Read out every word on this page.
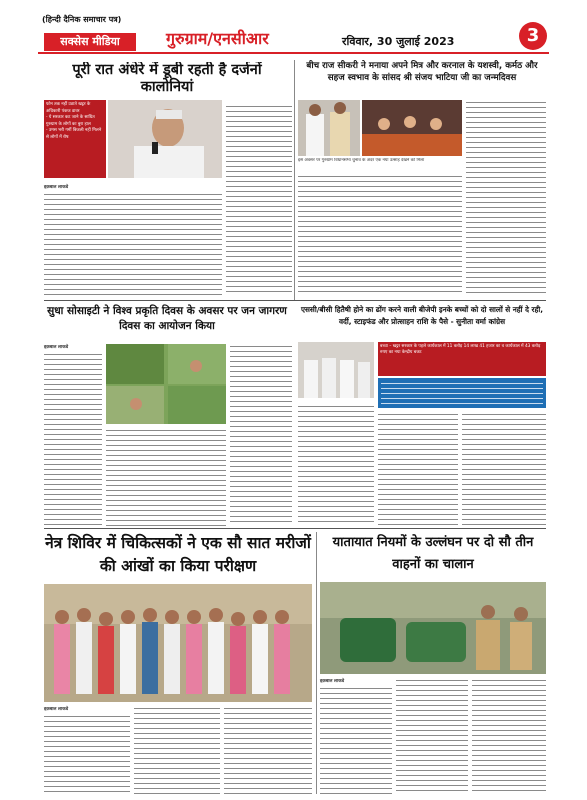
(हिन्दी दैनिक समाचार पत्र)
सक्सेस मीडिया	गुरुग्राम/एनसीआर	रविवार, 30 जुलाई 2023	3
पूरी रात अंधेरे में डूबी रहती है दर्जनों कालोनियां
फोन तक नहीं उठाते खट्टर के अधिकारी पंकज डावर
- ये सरकार कट जाने के साधित गुरुग्राम के लोगों का बुरा हाल
- उमस भरी गर्मी बिजली नहीं मिलने से लोगों में रोष
इक़बाल लाकडे
बीच राज सीकरी ने मनाया अपने मित्र और करनाल के यशस्वी, कर्मठ और सहज स्वभाव के सांसद श्री संजय भाटिया जी का जन्मदिवस
इस अवसर पर गुरुग्राम विधानसभा चुनाव के अंदर एक नया उत्साह देखने को मिला
सुधा सोसाइटी ने विश्व प्रकृति दिवस के अवसर पर जन जागरण दिवस का आयोजन किया
इक़बाल लाकडे
एससी/बीसी हितैषी होने का ढोंग करने वाली बीजेपी इनके बच्चों को दो सालों से नहीं दे रही, वर्दी, स्टाइफंड और प्रोत्साहन राशि के पैसे - सुनीता वर्मा कांग्रेस
बच्चा – खट्टर सरकार के पहले कार्यकाल में 11 करोड़ 14 लाख 41 हजार का व कार्यकाल में 43 करोड़ रुपए का नया केन्द्रीय बजट
नेत्र शिविर में चिकित्सकों ने एक सौ सात मरीजों की आंखों का किया परीक्षण
इक़बाल लाकडे
यातायात नियमों के उल्लंघन पर दो सौ तीन वाहनों का चालान
इक़बाल लाकडे
